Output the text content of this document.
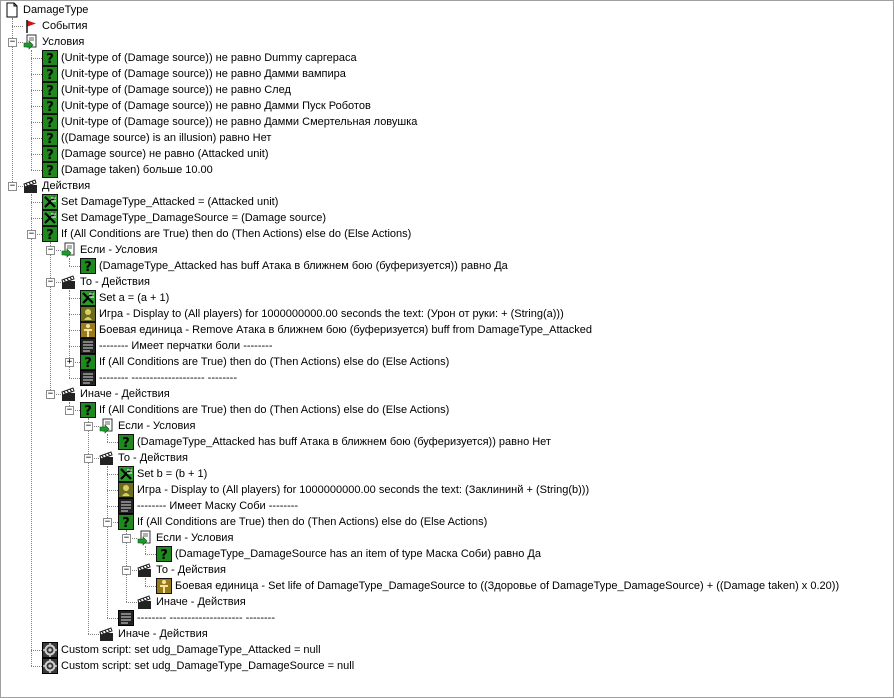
DamageType
События
Условия
−
? (Unit-type of (Damage source)) не равно Dummy саргераса
? (Unit-type of (Damage source)) не равно Дамми вампира
? (Unit-type of (Damage source)) не равно След
? (Unit-type of (Damage source)) не равно Дамми Пуск Роботов
? (Unit-type of (Damage source)) не равно Дамми Смертельная ловушка
? ((Damage source) is an illusion) равно Нет
? (Damage source) не равно (Attacked unit)
? (Damage taken) больше 10.00
Действия
−
Set DamageType_Attacked = (Attacked unit)
Set DamageType_DamageSource = (Damage source)
? If (All Conditions are True) then do (Then Actions) else do (Else Actions)
−
Если - Условия
−
? (DamageType_Attacked has buff Атака в ближнем бою (буферизуется)) равно Да
То - Действия
−
Set a = (a + 1)
Игра - Display to (All players) for 1000000000.00 seconds the text: (Урон от руки: + (String(a)))
Боевая единица - Remove Атака в ближнем бою (буферизуется) buff from DamageType_Attacked
-------- Имеет перчатки боли --------
? If (All Conditions are True) then do (Then Actions) else do (Else Actions)
+
-------- -------------------- --------
Иначе - Действия
−
? If (All Conditions are True) then do (Then Actions) else do (Else Actions)
−
Если - Условия
−
? (DamageType_Attacked has buff Атака в ближнем бою (буферизуется)) равно Нет
То - Действия
−
Set b = (b + 1)
Игра - Display to (All players) for 1000000000.00 seconds the text: (Заклининй + (String(b)))
-------- Имеет Маску Соби --------
? If (All Conditions are True) then do (Then Actions) else do (Else Actions)
−
Если - Условия
−
? (DamageType_DamageSource has an item of type Маска Соби) равно Да
То - Действия
−
Боевая единица - Set life of DamageType_DamageSource to ((Здоровье of DamageType_DamageSource) + ((Damage taken) x 0.20))
Иначе - Действия
-------- -------------------- --------
Иначе - Действия
Custom script: set udg_DamageType_Attacked = null
Custom script: set udg_DamageType_DamageSource = null
